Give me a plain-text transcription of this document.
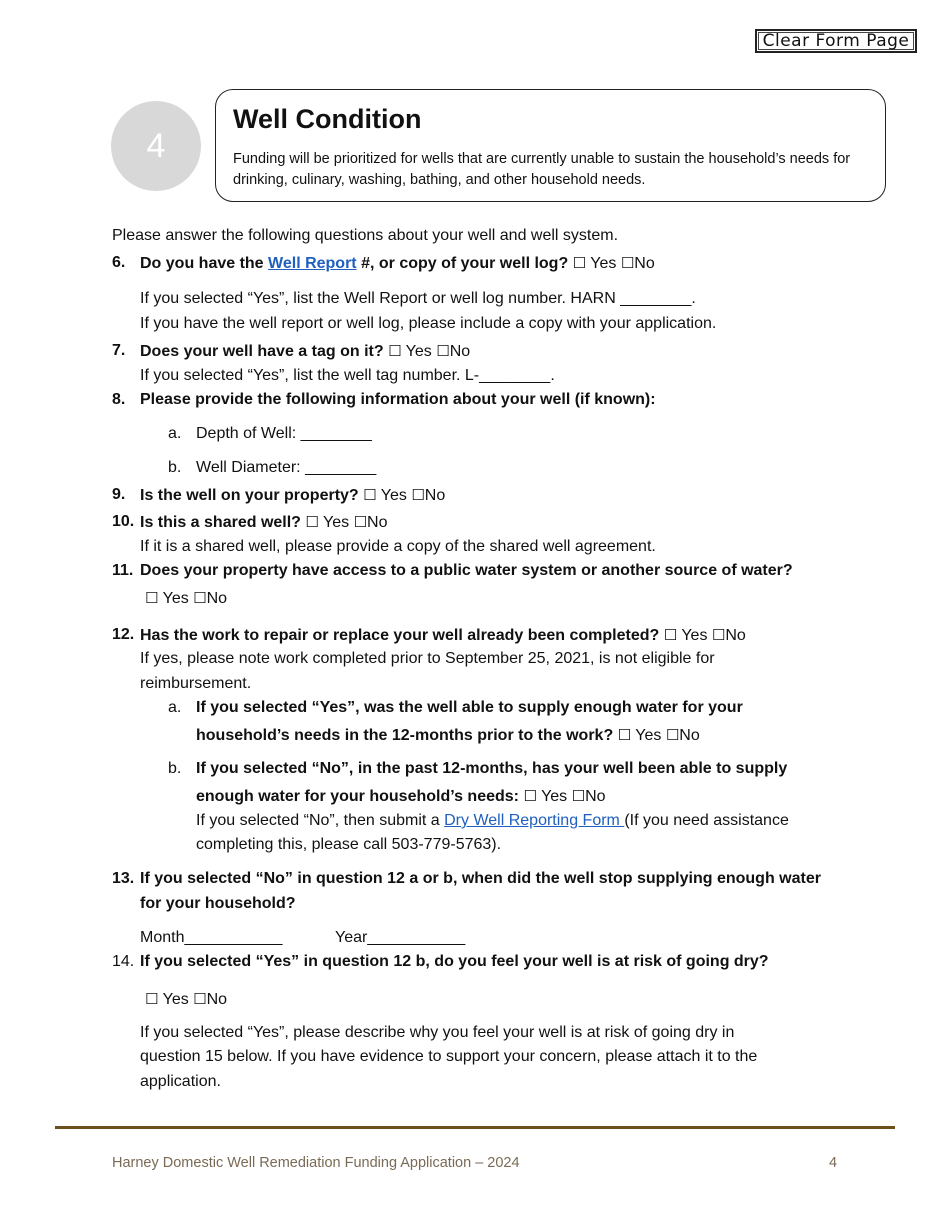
Clear Form Page
4
Well Condition
Funding will be prioritized for wells that are currently unable to sustain the household’s needs for drinking, culinary, washing, bathing, and other household needs.
Please answer the following questions about your well and well system.
6. Do you have the Well Report #, or copy of your well log? ☐ Yes ☐No
If you selected “Yes”, list the Well Report or well log number. HARN ________.
If you have the well report or well log, please include a copy with your application.
7. Does your well have a tag on it? ☐ Yes ☐No
If you selected “Yes”, list the well tag number. L-________.
8. Please provide the following information about your well (if known):
a. Depth of Well: ________
b. Well Diameter: ________
9. Is the well on your property? ☐ Yes ☐No
10. Is this a shared well? ☐ Yes ☐No
If it is a shared well, please provide a copy of the shared well agreement.
11. Does your property have access to a public water system or another source of water?
☐ Yes ☐No
12. Has the work to repair or replace your well already been completed? ☐ Yes ☐No
If yes, please note work completed prior to September 25, 2021, is not eligible for
reimbursement.
a. If you selected “Yes”, was the well able to supply enough water for your
household’s needs in the 12-months prior to the work? ☐ Yes ☐No
b. If you selected “No”, in the past 12-months, has your well been able to supply
enough water for your household’s needs: ☐ Yes ☐No
If you selected “No”, then submit a Dry Well Reporting Form (If you need assistance
completing this, please call 503-779-5763).
13. If you selected “No” in question 12 a or b, when did the well stop supplying enough water
for your household?
Month___________	Year___________
14. If you selected “Yes” in question 12 b, do you feel your well is at risk of going dry?
☐ Yes ☐No
If you selected “Yes”, please describe why you feel your well is at risk of going dry in
question 15 below. If you have evidence to support your concern, please attach it to the
application.
Harney Domestic Well Remediation Funding Application – 2024	4
